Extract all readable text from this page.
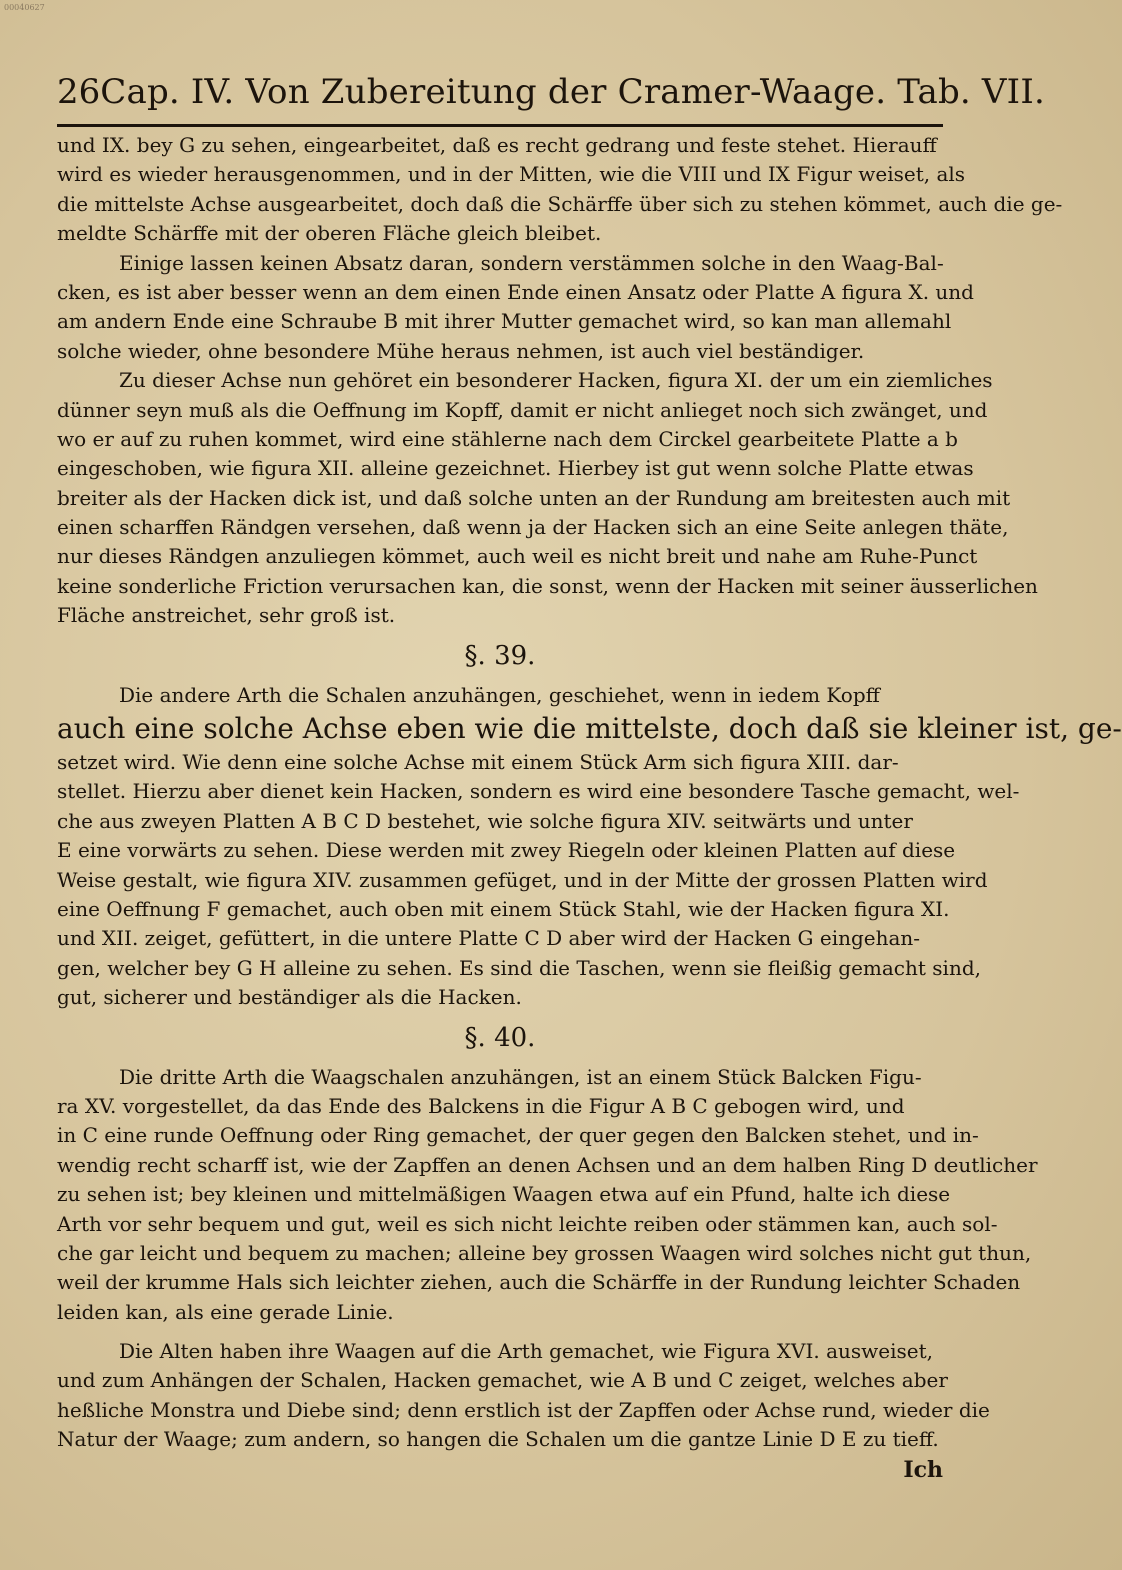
00040627
26 Cap. IV. Von Zubereitung der Cramer-Waage. Tab. VII.
und IX. bey G zu sehen, eingearbeitet, daß es recht gedrang und feste stehet. Hierauff
wird es wieder herausgenommen, und in der Mitten, wie die VIII und IX Figur weiset, als
die mittelste Achse ausgearbeitet, doch daß die Schärffe über sich zu stehen kömmet, auch die ge-
meldte Schärffe mit der oberen Fläche gleich bleibet.
Einige lassen keinen Absatz daran, sondern verstämmen solche in den Waag-Bal-
cken, es ist aber besser wenn an dem einen Ende einen Ansatz oder Platte A figura X. und
am andern Ende eine Schraube B mit ihrer Mutter gemachet wird, so kan man allemahl
solche wieder, ohne besondere Mühe heraus nehmen, ist auch viel beständiger.
Zu dieser Achse nun gehöret ein besonderer Hacken, figura XI. der um ein ziemliches
dünner seyn muß als die Oeffnung im Kopff, damit er nicht anlieget noch sich zwänget, und
wo er auf zu ruhen kommet, wird eine stählerne nach dem Circkel gearbeitete Platte a b
eingeschoben, wie figura XII. alleine gezeichnet. Hierbey ist gut wenn solche Platte etwas
breiter als der Hacken dick ist, und daß solche unten an der Rundung am breitesten auch mit
einen scharffen Rändgen versehen, daß wenn ja der Hacken sich an eine Seite anlegen thäte,
nur dieses Rändgen anzuliegen kömmet, auch weil es nicht breit und nahe am Ruhe-Punct
keine sonderliche Friction verursachen kan, die sonst, wenn der Hacken mit seiner äusserlichen
Fläche anstreichet, sehr groß ist.
§. 39.
Die andere Arth die Schalen anzuhängen, geschiehet, wenn in iedem Kopff
auch eine solche Achse eben wie die mittelste, doch daß sie kleiner ist, ge-
setzet wird. Wie denn eine solche Achse mit einem Stück Arm sich figura XIII. dar-
stellet. Hierzu aber dienet kein Hacken, sondern es wird eine besondere Tasche gemacht, wel-
che aus zweyen Platten A B C D bestehet, wie solche figura XIV. seitwärts und unter
E eine vorwärts zu sehen. Diese werden mit zwey Riegeln oder kleinen Platten auf diese
Weise gestalt, wie figura XIV. zusammen gefüget, und in der Mitte der grossen Platten wird
eine Oeffnung F gemachet, auch oben mit einem Stück Stahl, wie der Hacken figura XI.
und XII. zeiget, gefüttert, in die untere Platte C D aber wird der Hacken G eingehan-
gen, welcher bey G H alleine zu sehen. Es sind die Taschen, wenn sie fleißig gemacht sind,
gut, sicherer und beständiger als die Hacken.
§. 40.
Die dritte Arth die Waagschalen anzuhängen, ist an einem Stück Balcken Figu-
ra XV. vorgestellet, da das Ende des Balckens in die Figur A B C gebogen wird, und
in C eine runde Oeffnung oder Ring gemachet, der quer gegen den Balcken stehet, und in-
wendig recht scharff ist, wie der Zapffen an denen Achsen und an dem halben Ring D deutlicher
zu sehen ist; bey kleinen und mittelmäßigen Waagen etwa auf ein Pfund, halte ich diese
Arth vor sehr bequem und gut, weil es sich nicht leichte reiben oder stämmen kan, auch sol-
che gar leicht und bequem zu machen; alleine bey grossen Waagen wird solches nicht gut thun,
weil der krumme Hals sich leichter ziehen, auch die Schärffe in der Rundung leichter Schaden
leiden kan, als eine gerade Linie.
Die Alten haben ihre Waagen auf die Arth gemachet, wie Figura XVI. ausweiset,
und zum Anhängen der Schalen, Hacken gemachet, wie A B und C zeiget, welches aber
heßliche Monstra und Diebe sind; denn erstlich ist der Zapffen oder Achse rund, wieder die
Natur der Waage; zum andern, so hangen die Schalen um die gantze Linie D E zu tieff.
Ich
